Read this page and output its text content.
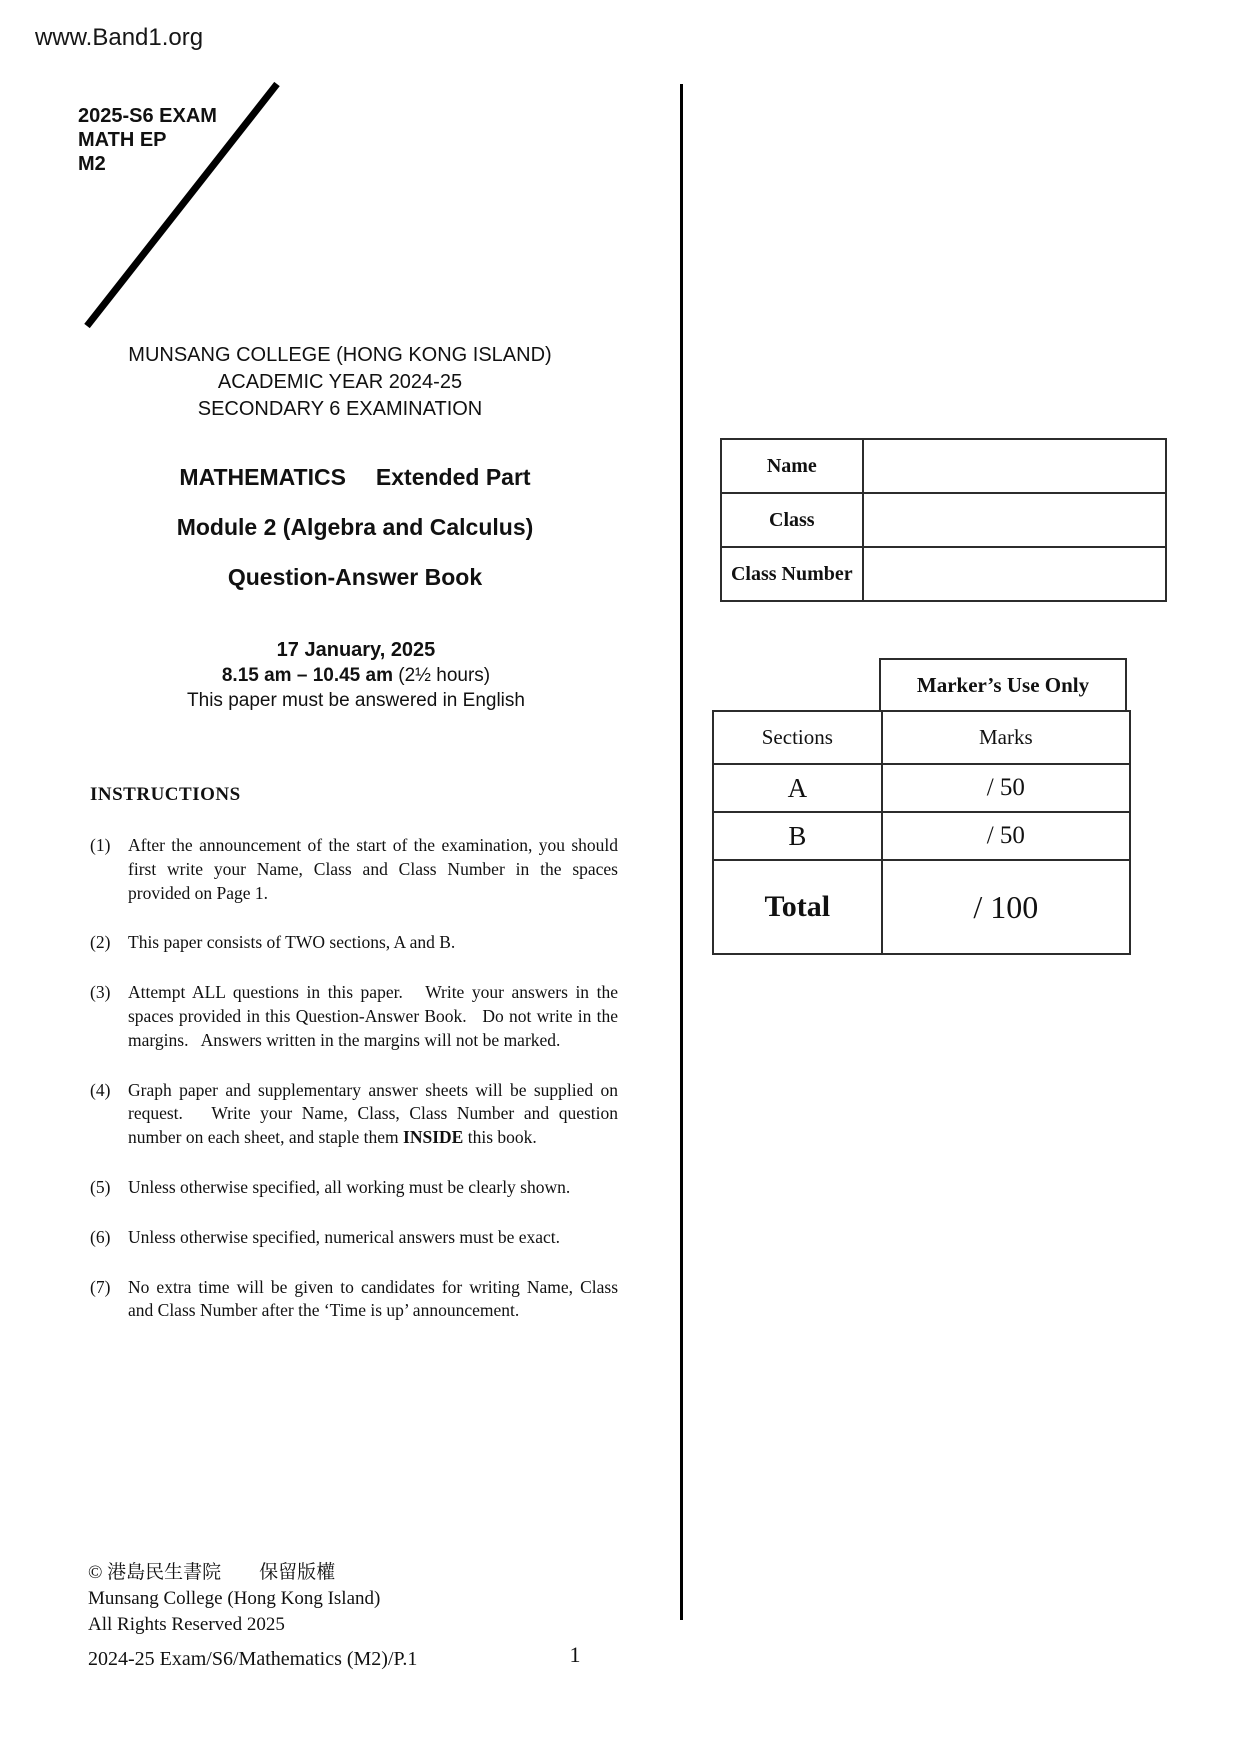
www.Band1.org
2025-S6 EXAM
MATH EP
M2
MUNSANG COLLEGE (HONG KONG ISLAND)
ACADEMIC YEAR 2024-25
SECONDARY 6 EXAMINATION
MATHEMATICS Extended Part
Module 2 (Algebra and Calculus)
Question-Answer Book
17 January, 2025
8.15 am – 10.45 am (2½ hours)
This paper must be answered in English
INSTRUCTIONS
(1) After the announcement of the start of the examination, you should first write your Name, Class and Class Number in the spaces provided on Page 1.
(2) This paper consists of TWO sections, A and B.
(3) Attempt ALL questions in this paper.   Write your answers in the spaces provided in this Question-Answer Book.   Do not write in the margins.   Answers written in the margins will not be marked.
(4) Graph paper and supplementary answer sheets will be supplied on request.   Write your Name, Class, Class Number and question number on each sheet, and staple them INSIDE this book.
(5) Unless otherwise specified, all working must be clearly shown.
(6) Unless otherwise specified, numerical answers must be exact.
(7) No extra time will be given to candidates for writing Name, Class and Class Number after the ‘Time is up’ announcement.
Name	
Class	
Class Number	
Marker’s Use Only
Sections	Marks
A	/ 50
B	/ 50
Total	/ 100
© 港島民生書院　　保留版權
Munsang College (Hong Kong Island)
All Rights Reserved 2025
2024-25 Exam/S6/Mathematics (M2)/P.1	1
